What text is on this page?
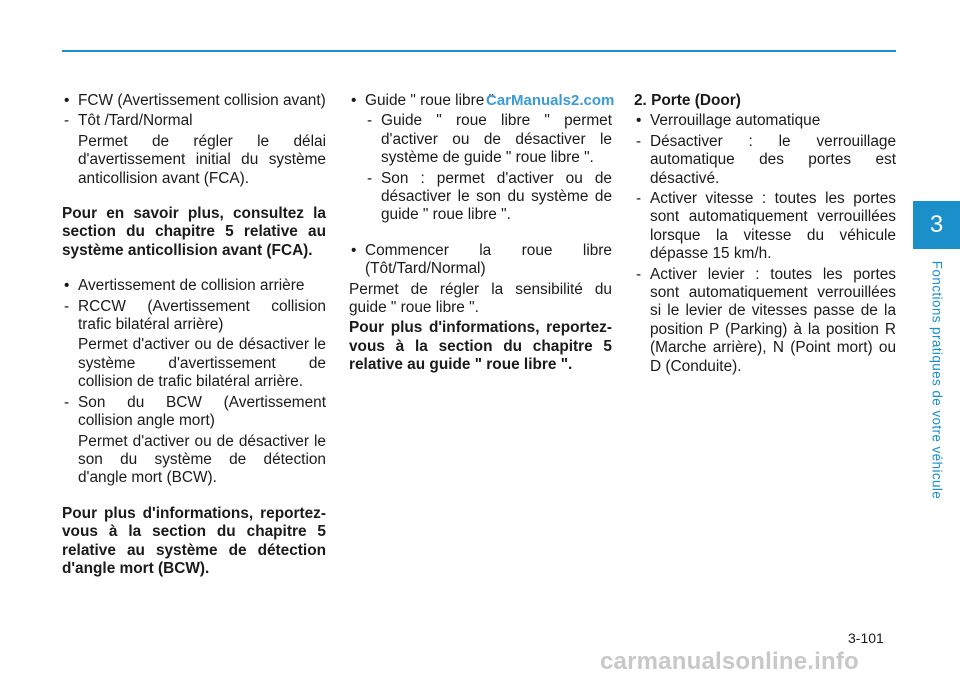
• FCW (Avertissement collision avant)

- Tôt /Tard/Normal

Permet de régler le délai d'avertissement initial du système anticollision avant (FCA).

Pour en savoir plus, consultez la section du chapitre 5 relative au système anticollision avant (FCA).

• Avertissement de collision arrière

- RCCW (Avertissement collision trafic bilatéral arrière)

Permet d'activer ou de désactiver le système d'avertissement de collision de trafic bilatéral arrière.

- Son du BCW (Avertissement collision angle mort)

Permet d'activer ou de désactiver le son du système de détection d'angle mort (BCW).

Pour plus d'informations, reportez-vous à la section du chapitre 5 relative au système de détection d'angle mort (BCW).

• Guide " roue libre "

- Guide " roue libre " permet d'activer ou de désactiver le système de guide " roue libre ".

- Son : permet d'activer ou de désactiver le son du système de guide " roue libre ".

• Commencer la roue libre (Tôt/Tard/Normal)

Permet de régler la sensibilité du guide " roue libre ".

Pour plus d'informations, reportez-vous à la section du chapitre 5 relative au guide " roue libre ".

2. Porte (Door)

• Verrouillage automatique

- Désactiver : le verrouillage automatique des portes est désactivé.

- Activer vitesse : toutes les portes sont automatiquement verrouillées lorsque la vitesse du véhicule dépasse 15 km/h.

- Activer levier : toutes les portes sont automatiquement verrouillées si le levier de vitesses passe de la position P (Parking) à la position R (Marche arrière), N (Point mort) ou D (Conduite).

CarManuals2.com
3
Fonctions pratiques de votre véhicule
3-101
carmanualsonline.info
